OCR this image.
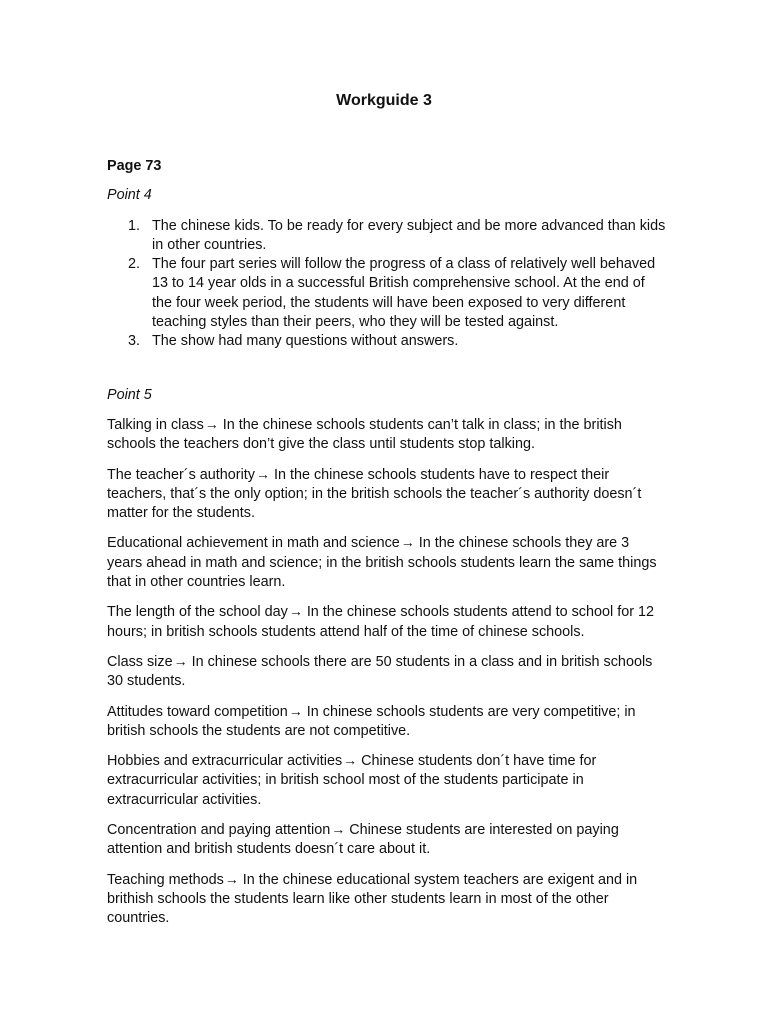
Workguide 3
Page 73
Point 4
1. The chinese kids. To be ready for every subject and be more advanced than kids in other countries.
2. The four part series will follow the progress of a class of relatively well behaved 13 to 14 year olds in a successful British comprehensive school. At the end of the four week period, the students will have been exposed to very different teaching styles than their peers, who they will be tested against.
3. The show had many questions without answers.
Point 5

Talking in class→ In the chinese schools students can’t talk in class; in the british schools the teachers don’t give the class until students stop talking.

The teacher´s authority→ In the chinese schools students have to respect their teachers, that´s the only option; in the british schools the teacher´s authority doesn´t matter for the students.

Educational achievement in math and science→ In the chinese schools they are 3 years ahead in math and science; in the british schools students learn the same things that in other countries learn.

The length of the school day→ In the chinese schools students attend to school for 12 hours; in british schools students attend half of the time of chinese schools.

Class size→ In chinese schools there are 50 students in a class and in british schools 30 students.

Attitudes toward competition→ In chinese schools students are very competitive; in british schools the students are not competitive.

Hobbies and extracurricular activities→ Chinese students don´t have time for extracurricular activities; in british school most of the students participate in extracurricular activities.

Concentration and paying attention→ Chinese students are interested on paying attention and british students doesn´t care about it.

Teaching methods→ In the chinese educational system teachers are exigent and in brithish schools the students learn like other students learn in most of the other countries.
